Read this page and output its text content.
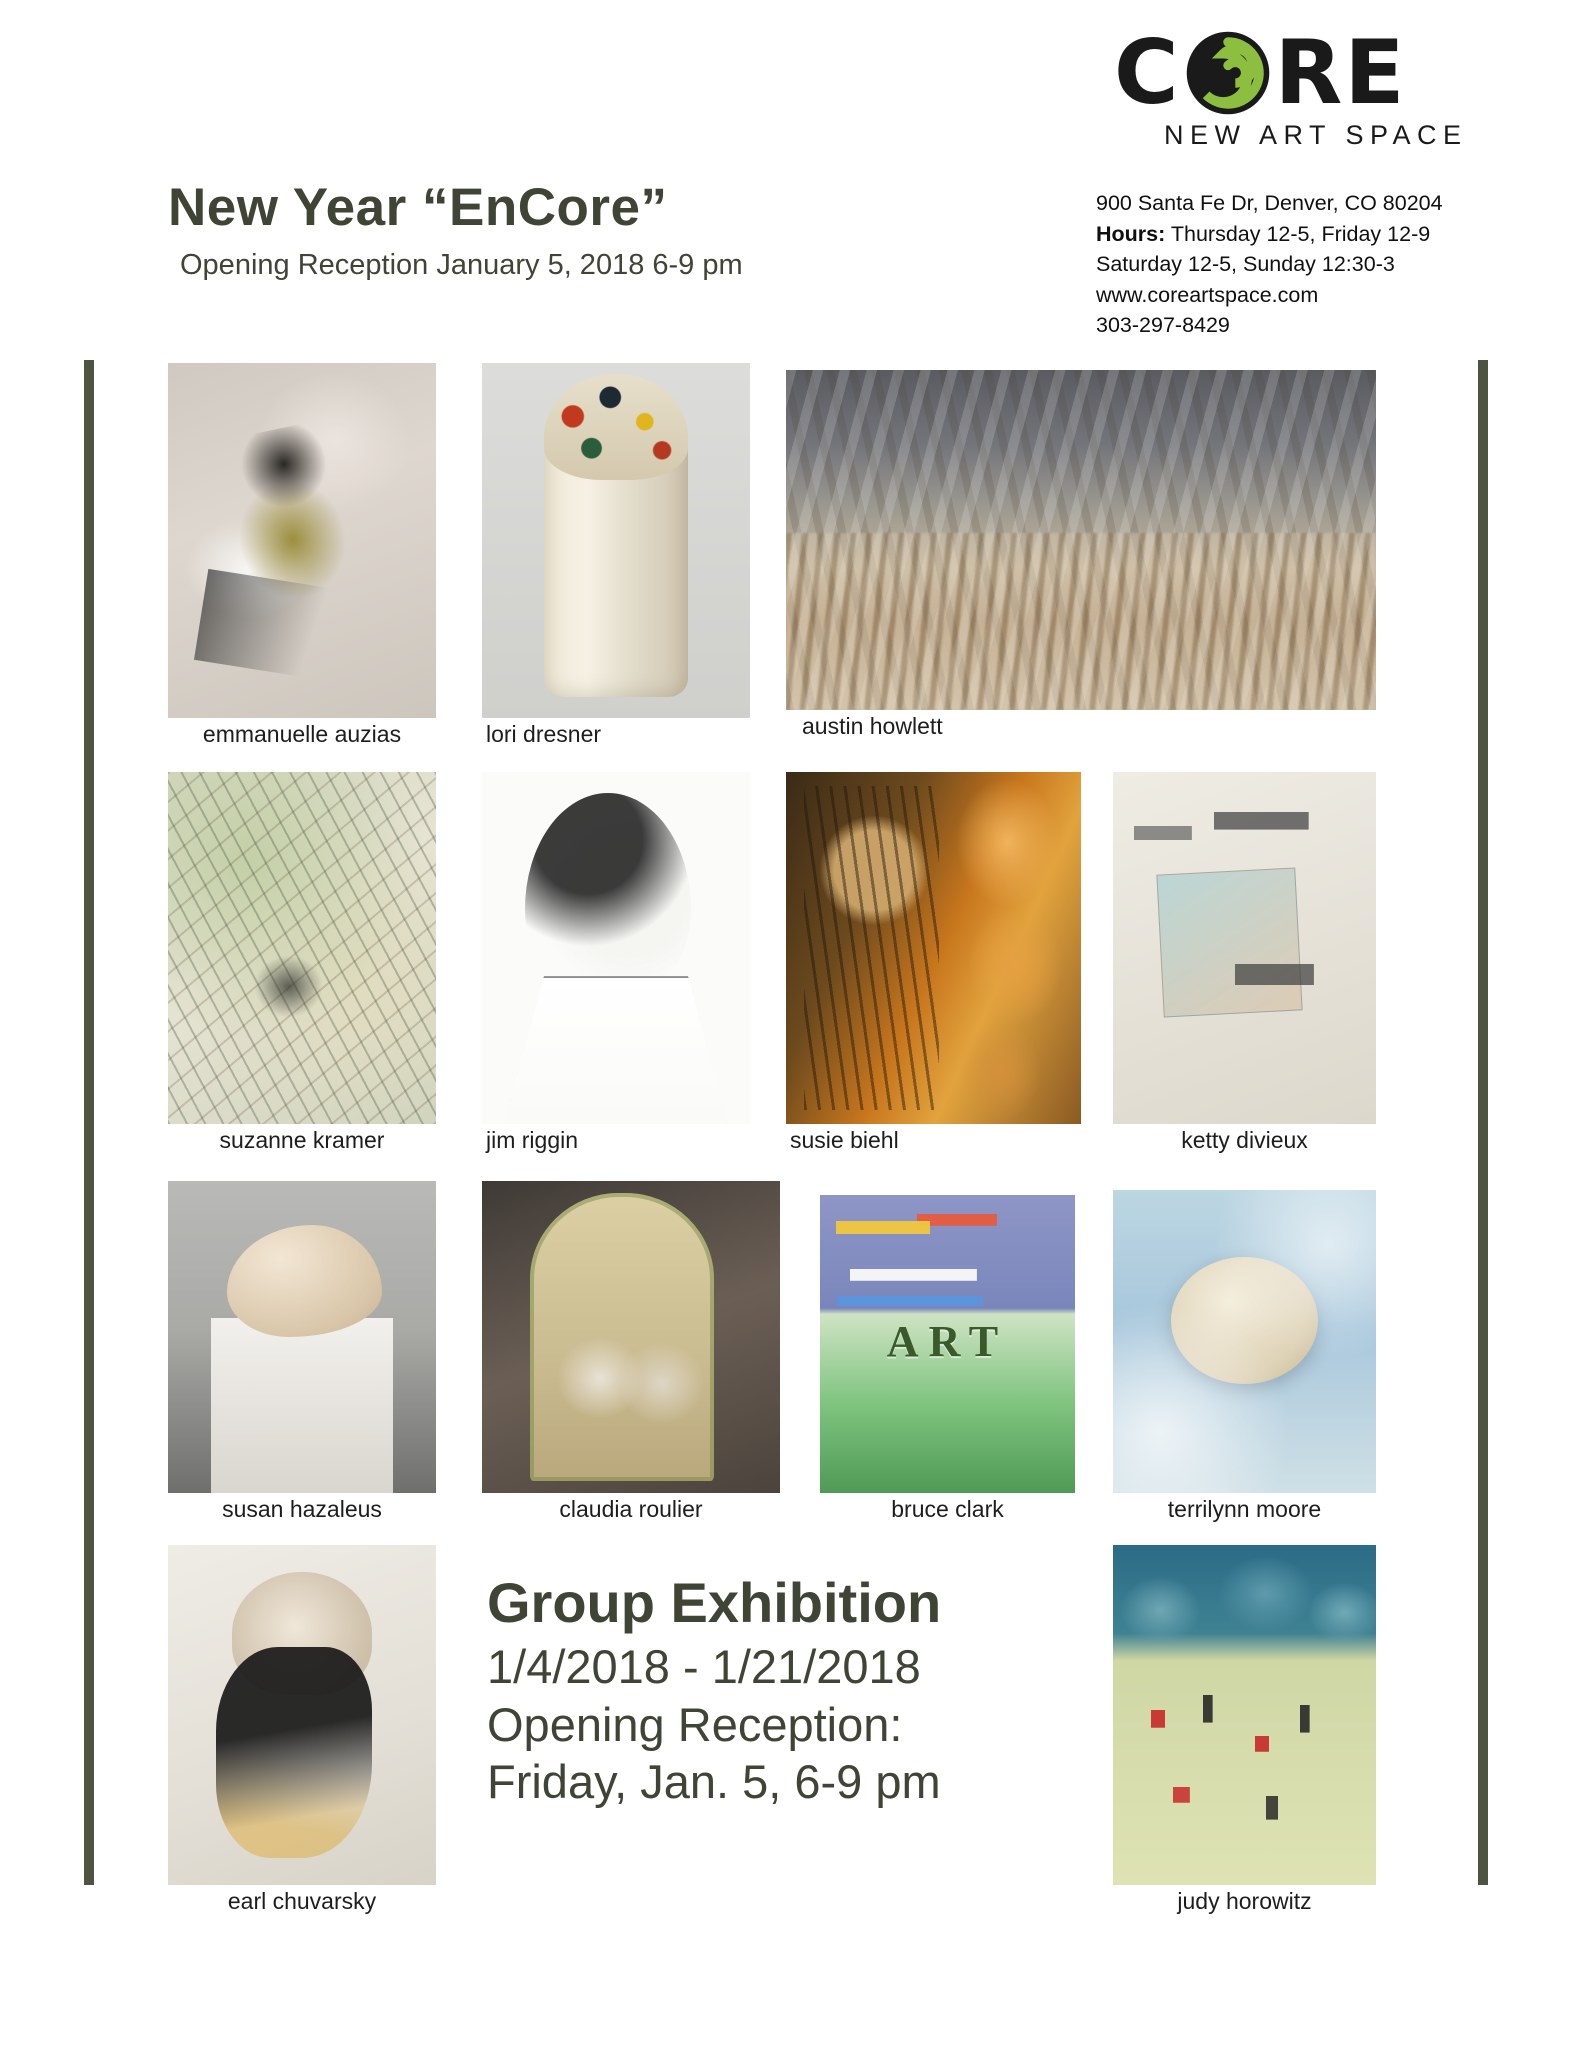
New Year “EnCore”
Opening Reception January 5, 2018 6-9 pm
C RE
NEW ART SPACE
900 Santa Fe Dr, Denver, CO 80204
Hours: Thursday 12-5, Friday 12-9
Saturday 12-5, Sunday 12:30-3
www.coreartspace.com
303-297-8429
emmanuelle auzias	lori dresner	austin howlett
suzanne kramer	jim riggin	susie biehl	ketty divieux
susan hazaleus	claudia roulier
ART	bruce clark	terrilynn moore
earl chuvarsky	judy horowitz
Group Exhibition
1/4/2018 - 1/21/2018
Opening Reception:
Friday, Jan. 5, 6-9 pm
